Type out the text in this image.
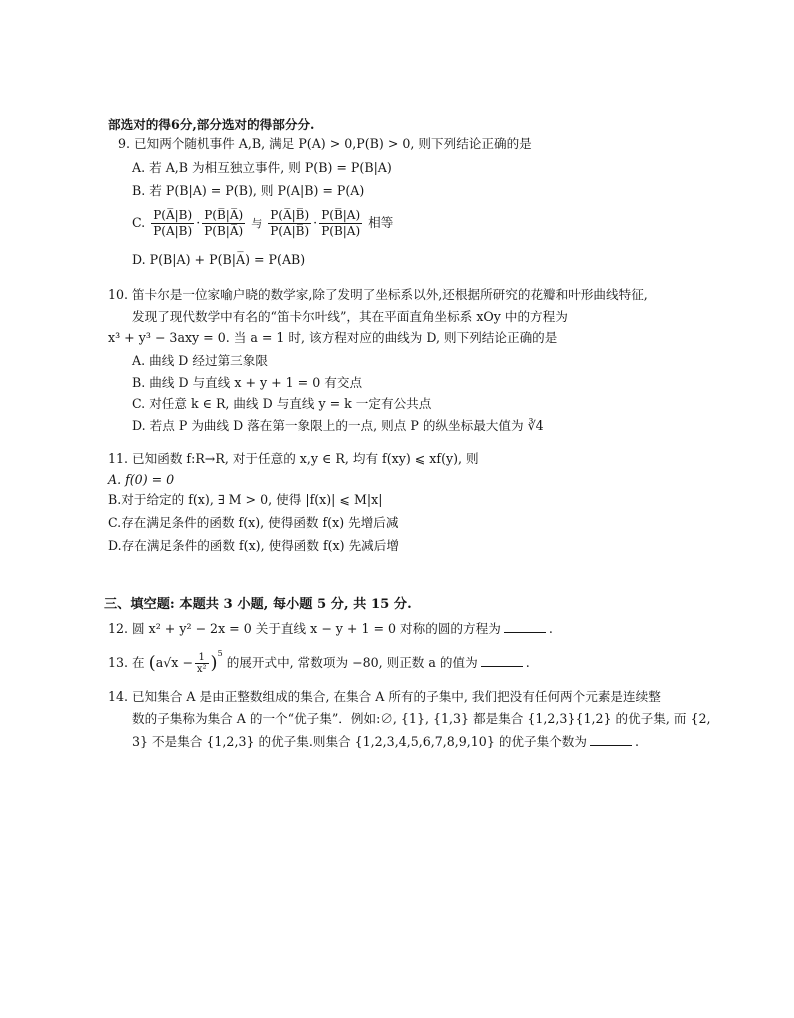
部选对的得6分,部分选对的得部分分.
9. 已知两个随机事件 A,B, 满足 P(A) > 0,P(B) > 0, 则下列结论正确的是
A. 若 A,B 为相互独立事件, 则 P(B) = P(B|A)
B. 若 P(B|A) = P(B), 则 P(A|B) = P(A)
C. $\frac{P(A̅|B)}{P(A|B)} \cdot \frac{P(B̅|A̅)}{P(B|A̅)}$ 与 $\frac{P(A̅|B̅)}{P(A|B̅)} \cdot \frac{P(B̅|A)}{P(B|A)}$ 相等
D. P(B|A) + P(B|A̅) = P(AB)
10. 笛卡尔是一位家喻户晓的数学家,除了发明了坐标系以外,还根据所研究的花瓣和叶形曲线特征,
发现了现代数学中有名的“笛卡尔叶线”，其在平面直角坐标系 xOy 中的方程为
x³ + y³ − 3axy = 0. 当 a = 1 时, 该方程对应的曲线为 D, 则下列结论正确的是
A. 曲线 D 经过第三象限
B. 曲线 D 与直线 x + y + 1 = 0 有交点
C. 对任意 k ∈ R, 曲线 D 与直线 y = k 一定有公共点
D. 若点 P 为曲线 D 落在第一象限上的一点, 则点 P 的纵坐标最大值为 ∛4
11. 已知函数 f:R→R, 对于任意的 x,y ∈ R, 均有 f(xy) ⩽ xf(y), 则
A. f(0) = 0
B.对于给定的 f(x), ∃ M > 0, 使得 |f(x)| ⩽ M|x|
C.存在满足条件的函数 f(x), 使得函数 f(x) 先增后减
D.存在满足条件的函数 f(x), 使得函数 f(x) 先减后增
三、填空题: 本题共 3 小题, 每小题 5 分, 共 15 分.
12. 圆 x² + y² − 2x = 0 关于直线 x − y + 1 = 0 对称的圆的方程为	.
13. 在 $(a√x - \frac{1}{\text{x²}} )^5$ 的展开式中, 常数项为 −80, 则正数 a 的值为	.
14. 已知集合 A 是由正整数组成的集合, 在集合 A 所有的子集中, 我们把没有任何两个元素是连续整
数的子集称为集合 A 的一个“优子集”．例如:∅, {1}, {1,3} 都是集合 {1,2,3}{1,2} 的优子集, 而 {2,
3} 不是集合 {1,2,3} 的优子集.则集合 {1,2,3,4,5,6,7,8,9,10} 的优子集个数为	.
